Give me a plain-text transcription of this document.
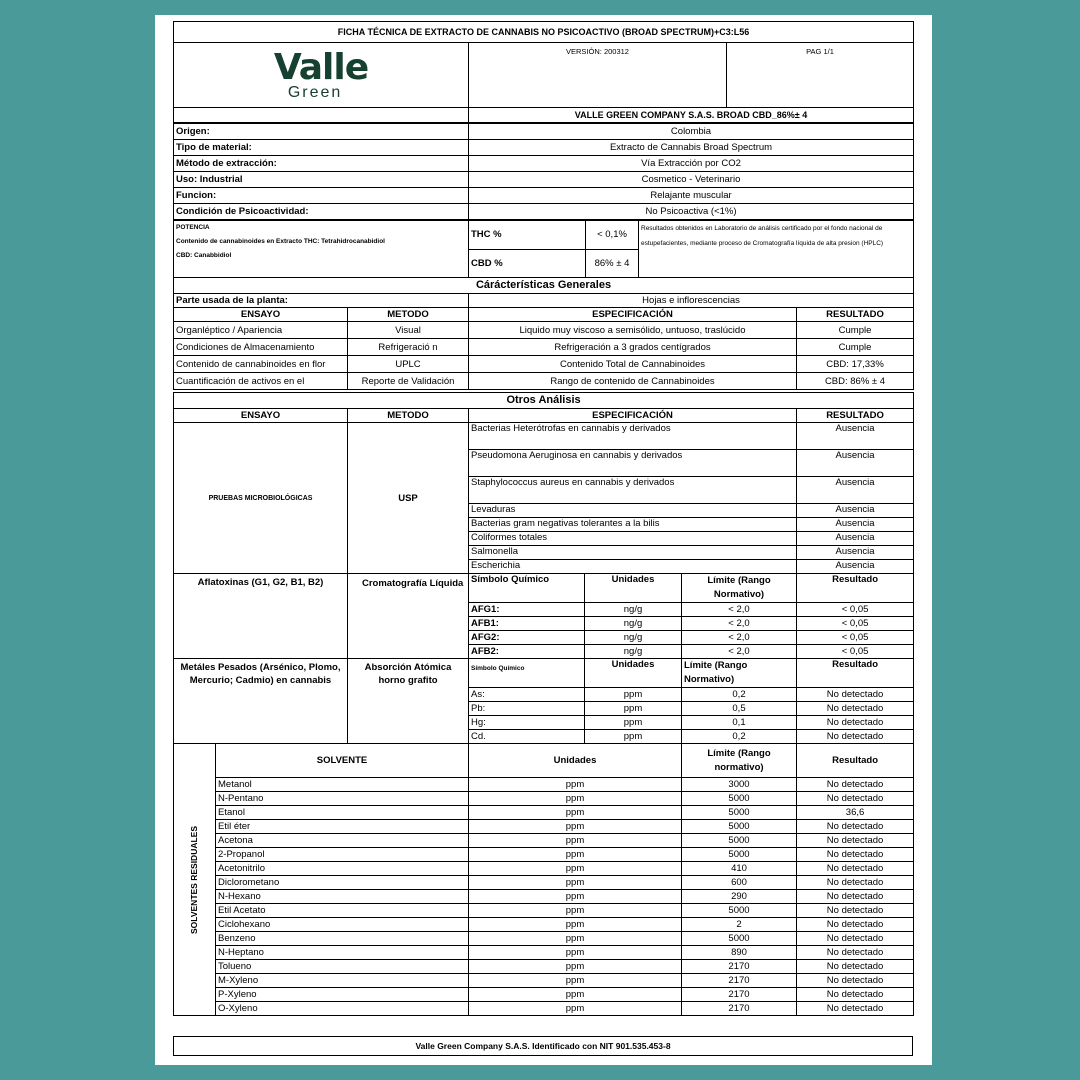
FICHA TÉCNICA DE EXTRACTO DE CANNABIS NO PSICOACTIVO (BROAD SPECTRUM)+C3:L56		

Valle
Green	VERSIÓN: 200312	PAG 1/1
	VALLE GREEN COMPANY S.A.S. BROAD CBD_86%± 4	
Origen:	Colombia
Tipo de material:	Extracto de Cannabis Broad Spectrum
Método de extracción:	Vía Extracción por CO2
Uso: Industrial	Cosmetico - Veterinario
Funcion:	Relajante muscular
Condición de Psicoactividad:	No Psicoactiva (<1%)
POTENCIA
Contenido de cannabinoides en Extracto THC: Tetrahidrocanabidiol
CBD: Canabbidiol	THC %	< 0,1%	Resultados obtenidos en Laboratorio de análisis certificado por el fondo nacional de estupefacientes, mediante proceso de Cromatografía líquida de alta presion (HPLC)
	CBD %	86% ± 4	
Cárácterísticas Generales			
Parte usada de la planta:		Hojas e inflorescencias	
ENSAYO	METODO	ESPECIFICACIÓN	RESULTADO
Organléptico / Apariencia	Visual	Liquido muy viscoso a semisólido, untuoso, traslúcido	Cumple
Condiciones de Almacenamiento	Refrigeració n	Refrigeración a 3 grados centígrados	Cumple
Contenido de cannabinoides en flor	UPLC	Contenido Total de Cannabinoides	CBD: 17,33%
Cuantificación de activos en el	Reporte de Validación	Rango de contenido de Cannabinoides	CBD: 86% ± 4
Otros Análisis						
ENSAYO		METODO	ESPECIFICACIÓN			RESULTADO
PRUEBAS MICROBIOLÓGICAS		USP	Bacterias Heterótrofas en cannabis y derivados			Ausencia
			Pseudomona Aeruginosa en cannabis y derivados			Ausencia
			Staphylococcus aureus en cannabis y derivados			Ausencia
			Levaduras			Ausencia
			Bacterias gram negativas tolerantes a la bilis			Ausencia
			Coliformes totales			Ausencia
			Salmonella			Ausencia
			Escherichia			Ausencia
Aflatoxinas (G1, G2, B1, B2)		Cromatografía Líquida	Símbolo Químico	Unidades	Límite (Rango Normativo)	Resultado
			AFG1:	ng/g	< 2,0	< 0,05
			AFB1:	ng/g	< 2,0	< 0,05
			AFG2:	ng/g	< 2,0	< 0,05
			AFB2:	ng/g	< 2,0	< 0,05
Metáles Pesados (Arsénico, Plomo, Mercurio; Cadmio) en cannabis		Absorción Atómica horno grafito	Símbolo Químico	Unidades	Límite (Rango Normativo)	Resultado
			As:	ppm	0,2	No detectado
			Pb:	ppm	0,5	No detectado
			Hg:	ppm	0,1	No detectado
			Cd.	ppm	0,2	No detectado

SOLVENTES RESIDUALES	SOLVENTE		Unidades		Límite (Rango normativo)	Resultado
	Metanol		ppm		3000	No detectado
	N-Pentano		ppm		5000	No detectado
	Etanol		ppm		5000	36,6
	Etil éter		ppm		5000	No detectado
	Acetona		ppm		5000	No detectado
	2-Propanol		ppm		5000	No detectado
	Acetonitrilo		ppm		410	No detectado
	Diclorometano		ppm		600	No detectado
	N-Hexano		ppm		290	No detectado
	Etil Acetato		ppm		5000	No detectado
	Ciclohexano		ppm		2	No detectado
	Benzeno		ppm		5000	No detectado
	N-Heptano		ppm		890	No detectado
	Tolueno		ppm		2170	No detectado
	M-Xyleno		ppm		2170	No detectado
	P-Xyleno		ppm		2170	No detectado
	O-Xyleno		ppm		2170	No detectado
Valle Green Company S.A.S. Identificado con NIT 901.535.453-8
